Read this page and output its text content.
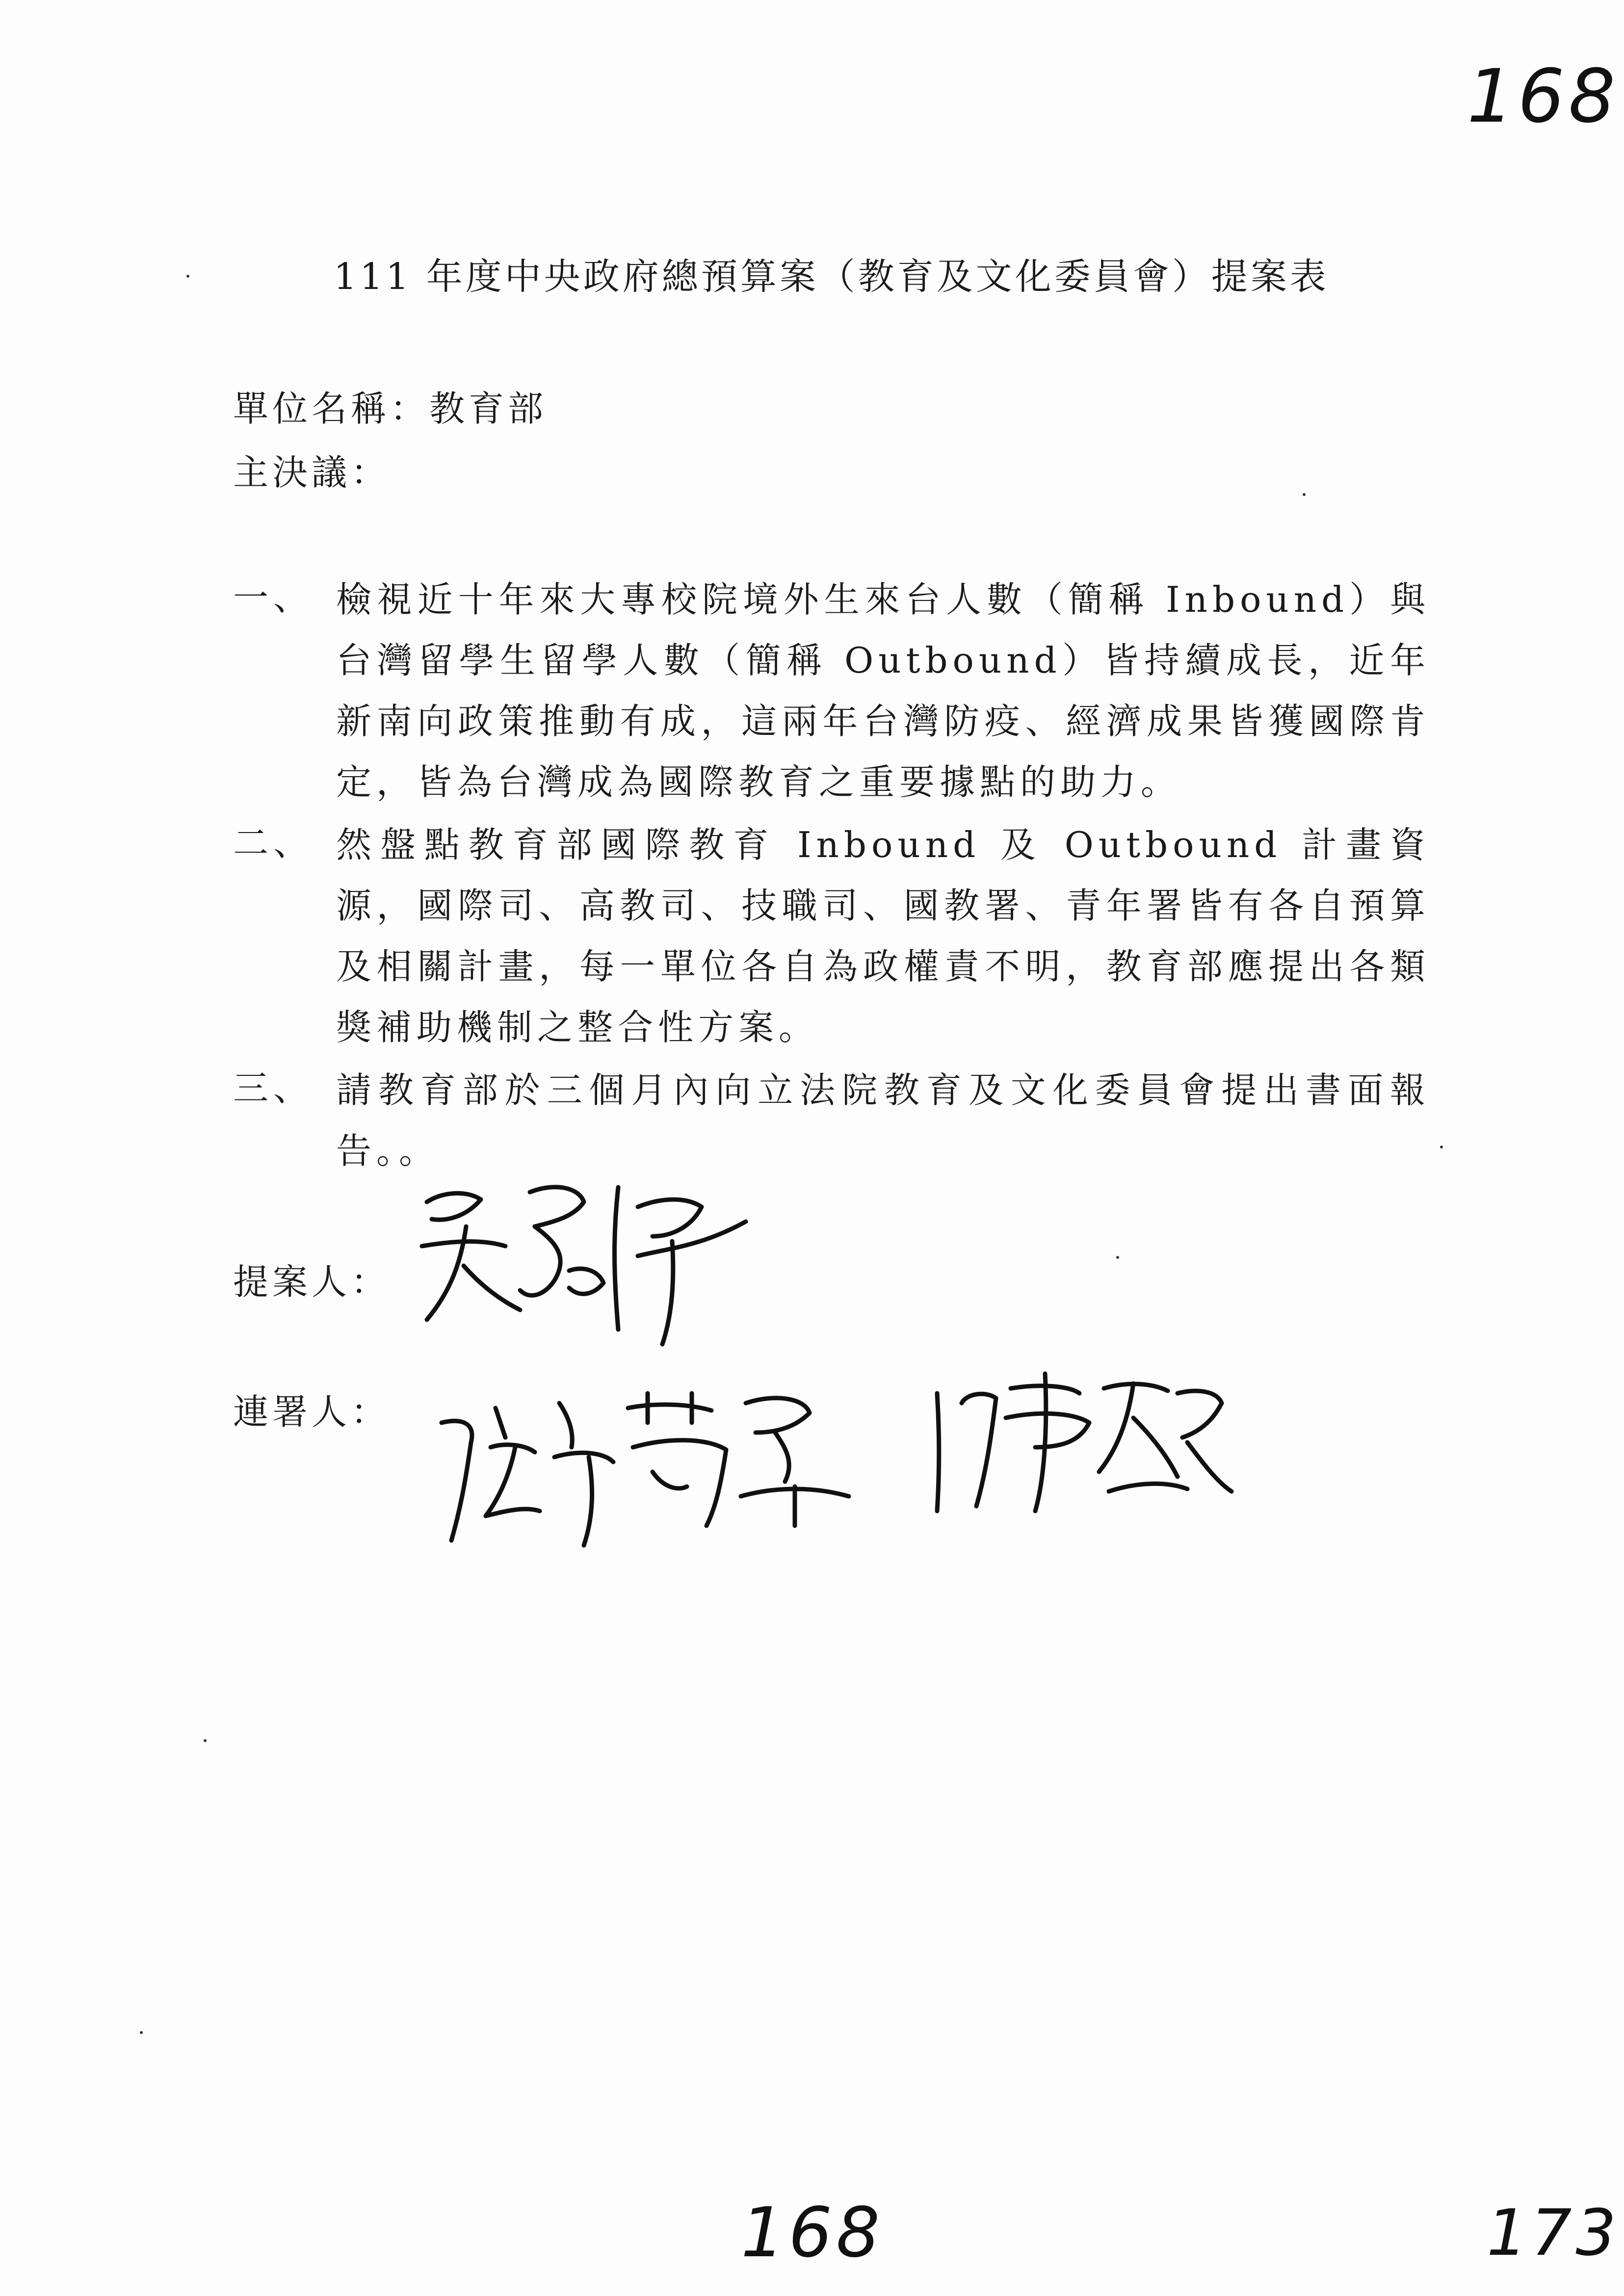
168
111 年度中央政府總預算案（教育及文化委員會）提案表
單位名稱：教育部
主決議：
一、 檢視近十年來大專校院境外生來台人數（簡稱 Inbound）與台灣留學生留學人數（簡稱 Outbound）皆持續成長，近年新南向政策推動有成，這兩年台灣防疫、經濟成果皆獲國際肯定，皆為台灣成為國際教育之重要據點的助力。
二、 然盤點教育部國際教育 Inbound 及 Outbound 計畫資源，國際司、高教司、技職司、國教署、青年署皆有各自預算及相關計畫，每一單位各自為政權責不明，教育部應提出各類獎補助機制之整合性方案。
三、 請教育部於三個月內向立法院教育及文化委員會提出書面報告。。
提案人：
連署人：
168	173
